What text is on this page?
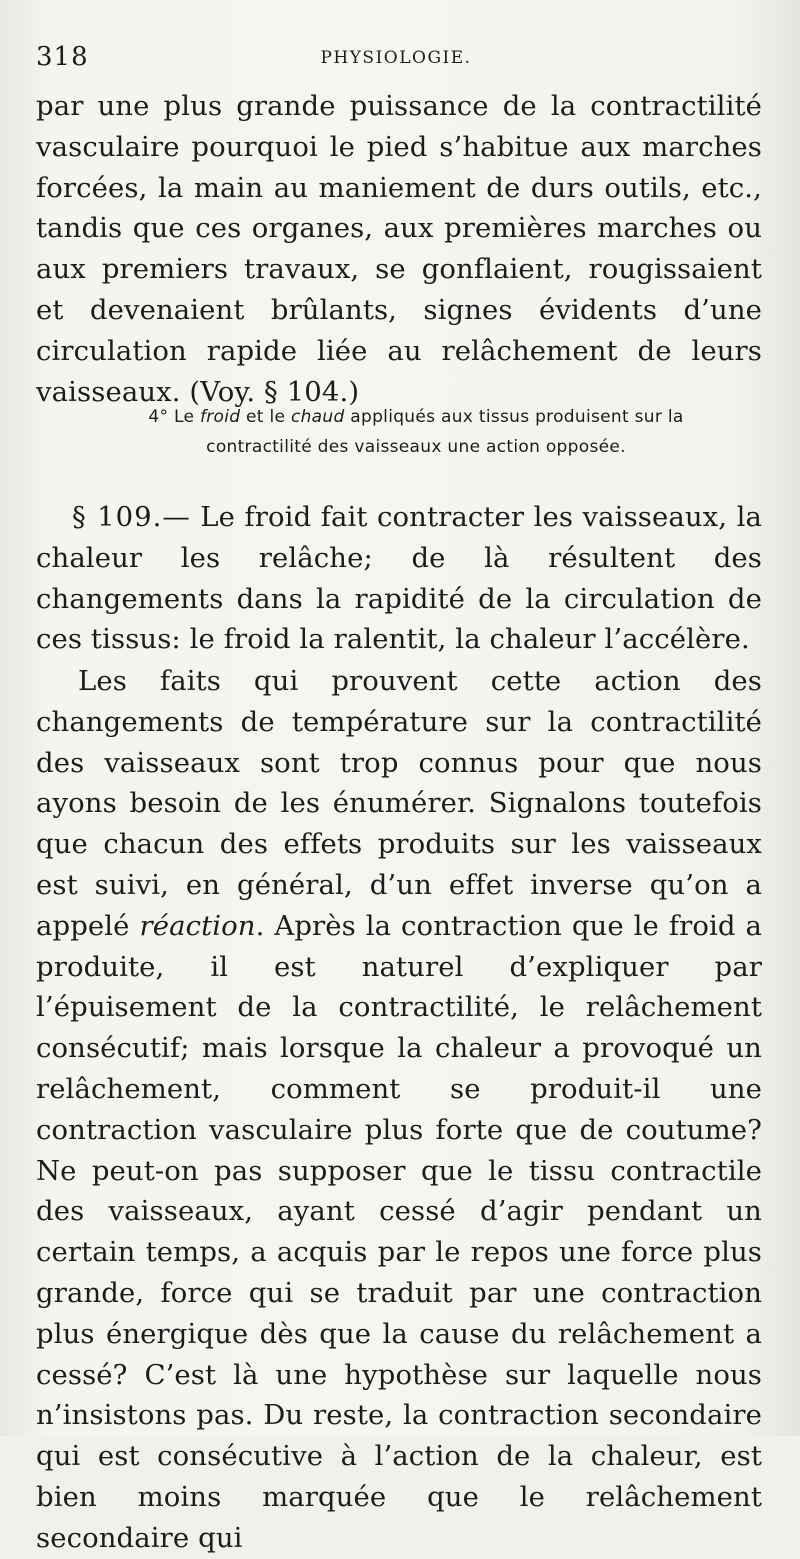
318	PHYSIOLOGIE.

par une plus grande puissance de la contractilité vasculaire pourquoi le pied s’habitue aux marches forcées, la main au maniement de durs outils, etc., tandis que ces organes, aux premières marches ou aux premiers travaux, se gonflaient, rougissaient et devenaient brûlants, signes évidents d’une circulation rapide liée au relâchement de leurs vaisseaux. (Voy. § 104.)

4° Le froid et le chaud appliqués aux tissus produisent sur la contractilité des vaisseaux une action opposée.

§ 109.— Le froid fait contracter les vaisseaux, la chaleur les relâche; de là résultent des changements dans la rapidité de la circulation de ces tissus: le froid la ralentit, la chaleur l’accélère.

Les faits qui prouvent cette action des changements de température sur la contractilité des vaisseaux sont trop connus pour que nous ayons besoin de les énumérer. Signalons toutefois que chacun des effets produits sur les vaisseaux est suivi, en général, d’un effet inverse qu’on a appelé réaction. Après la contraction que le froid a produite, il est naturel d’expliquer par l’épuisement de la contractilité, le relâchement consécutif; mais lorsque la chaleur a provoqué un relâchement, comment se produit-il une contraction vasculaire plus forte que de coutume? Ne peut-on pas supposer que le tissu contractile des vaisseaux, ayant cessé d’agir pendant un certain temps, a acquis par le repos une force plus grande, force qui se traduit par une contraction plus énergique dès que la cause du relâchement a cessé? C’est là une hypothèse sur laquelle nous n’insistons pas. Du reste, la contraction secondaire qui est consécutive à l’action de la chaleur, est bien moins marquée que le relâchement secondaire qui
